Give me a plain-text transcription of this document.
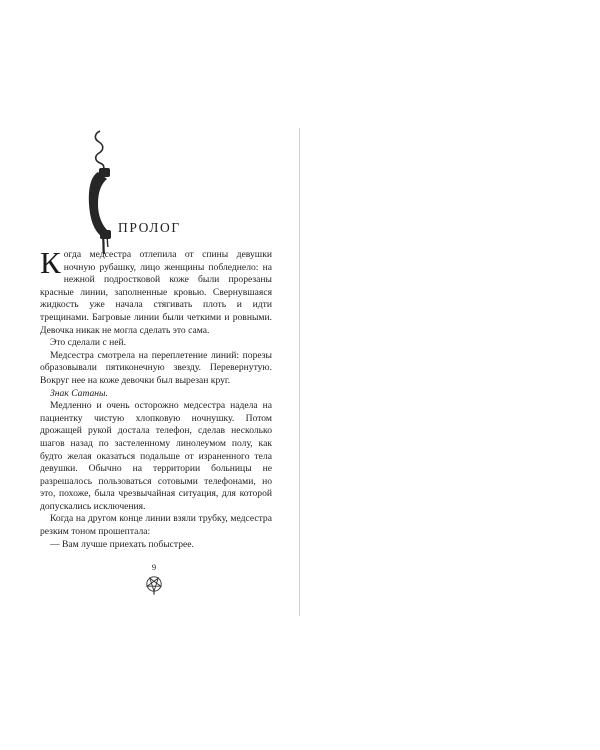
ПРОЛОГ

Когда медсестра отлепила от спины девушки ночную рубашку, лицо женщины побледнело: на нежной подростковой коже были прорезаны красные линии, заполненные кровью. Свернувшаяся жидкость уже начала стягивать плоть и идти трещинами. Багровые линии были четкими и ровными. Девочка никак не могла сделать это сама.

Это сделали с ней.

Медсестра смотрела на переплетение линий: порезы образовывали пятиконечную звезду. Перевернутую. Вокруг нее на коже девочки был вырезан круг.

Знак Сатаны.

Медленно и очень осторожно медсестра надела на пациентку чистую хлопковую ночнушку. Потом дрожащей рукой достала телефон, сделав несколько шагов назад по застеленному линолеумом полу, как будто желая оказаться подальше от израненного тела девушки. Обычно на территории больницы не разрешалось пользоваться сотовыми телефонами, но это, похоже, была чрезвычайная ситуация, для которой допускались исключения.

Когда на другом конце линии взяли трубку, медсестра резким тоном прошептала:

— Вам лучше приехать побыстрее.

9
